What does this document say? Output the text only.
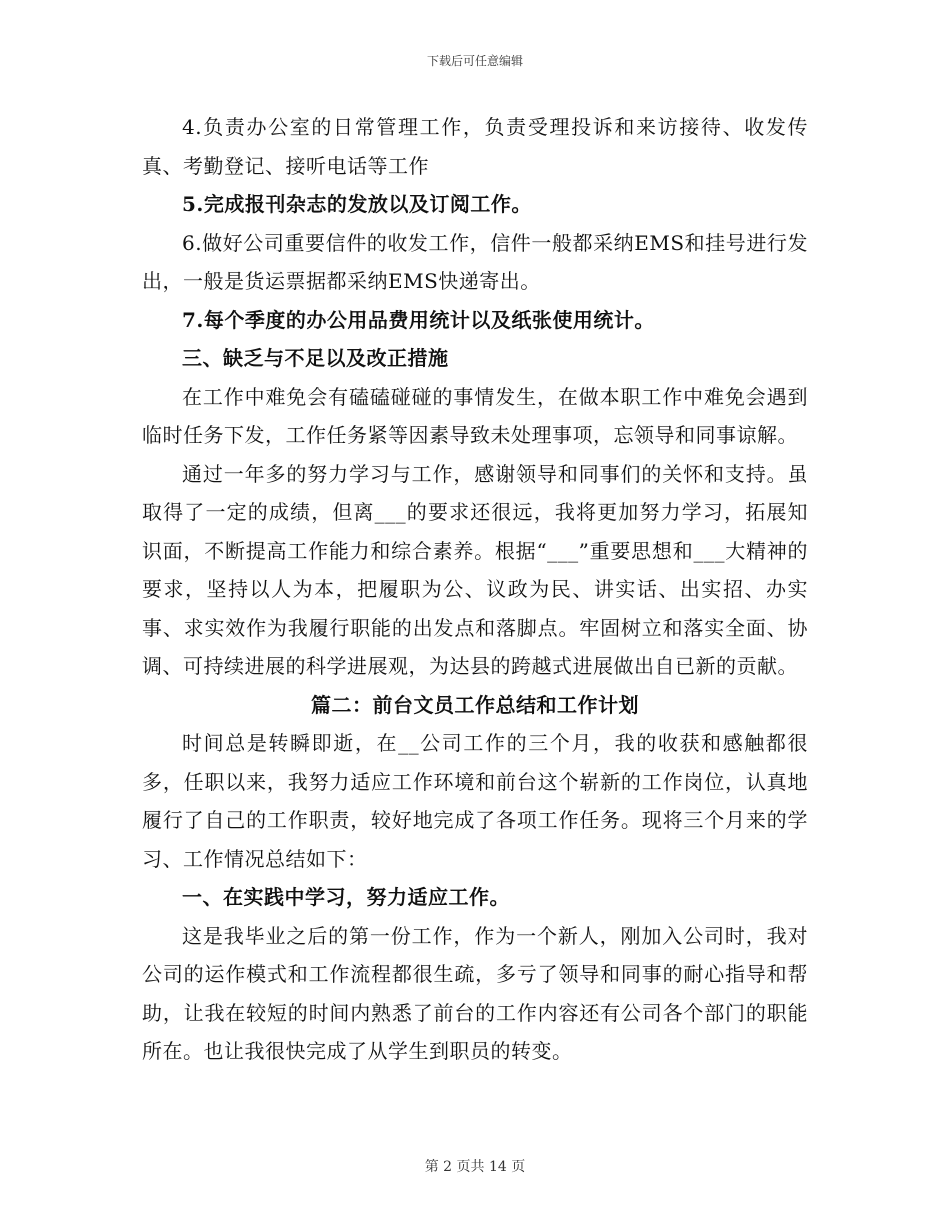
下载后可任意编辑

4.负责办公室的日常管理工作，负责受理投诉和来访接待、收发传真、考勤登记、接听电话等工作

5.完成报刊杂志的发放以及订阅工作。

6.做好公司重要信件的收发工作，信件一般都采纳EMS和挂号进行发出，一般是货运票据都采纳EMS快递寄出。

7.每个季度的办公用品费用统计以及纸张使用统计。

三、缺乏与不足以及改正措施

在工作中难免会有磕磕碰碰的事情发生，在做本职工作中难免会遇到临时任务下发，工作任务紧等因素导致未处理事项，忘领导和同事谅解。

通过一年多的努力学习与工作，感谢领导和同事们的关怀和支持。虽取得了一定的成绩，但离___的要求还很远，我将更加努力学习，拓展知识面，不断提高工作能力和综合素养。根据“___”重要思想和___大精神的要求，坚持以人为本，把履职为公、议政为民、讲实话、出实招、办实事、求实效作为我履行职能的出发点和落脚点。牢固树立和落实全面、协调、可持续进展的科学进展观，为达县的跨越式进展做出自已新的贡献。

篇二：前台文员工作总结和工作计划

时间总是转瞬即逝，在__公司工作的三个月，我的收获和感触都很多，任职以来，我努力适应工作环境和前台这个崭新的工作岗位，认真地履行了自己的工作职责，较好地完成了各项工作任务。现将三个月来的学习、工作情况总结如下：

一、在实践中学习，努力适应工作。

这是我毕业之后的第一份工作，作为一个新人，刚加入公司时，我对公司的运作模式和工作流程都很生疏，多亏了领导和同事的耐心指导和帮助，让我在较短的时间内熟悉了前台的工作内容还有公司各个部门的职能所在。也让我很快完成了从学生到职员的转变。

第 2 页共 14 页
